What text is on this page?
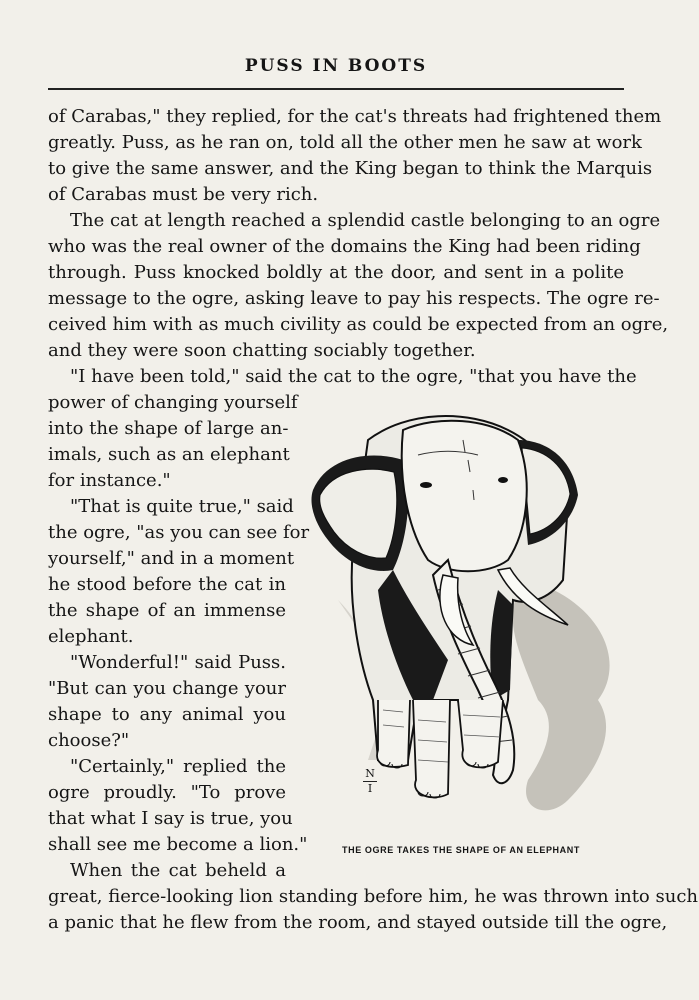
PUSS IN BOOTS
of Carabas," they replied, for the cat's threats had frightened them
greatly. Puss, as he ran on, told all the other men he saw at work
to give the same answer, and the King began to think the Marquis
of Carabas must be very rich.
The cat at length reached a splendid castle belonging to an ogre
who was the real owner of the domains the King had been riding
through. Puss knocked boldly at the door, and sent in a polite
message to the ogre, asking leave to pay his respects. The ogre re-
ceived him with as much civility as could be expected from an ogre,
and they were soon chatting sociably together.
"I have been told," said the cat to the ogre, "that you have the
power of changing yourself
into the shape of large an-
imals, such as an elephant
for instance."
"That is quite true," said
the ogre, "as you can see for
yourself," and in a moment
he stood before the cat in
the shape of an immense
elephant.
"Wonderful!" said Puss.
"But can you change your
shape to any animal you
choose?"
"Certainly," replied the
ogre proudly. "To prove
that what I say is true, you
shall see me become a lion."
When the cat beheld a
great, fierce-looking lion standing before him, he was thrown into such
a panic that he flew from the room, and stayed outside till the ogre,
N
I
THE OGRE TAKES THE SHAPE OF AN ELEPHANT
